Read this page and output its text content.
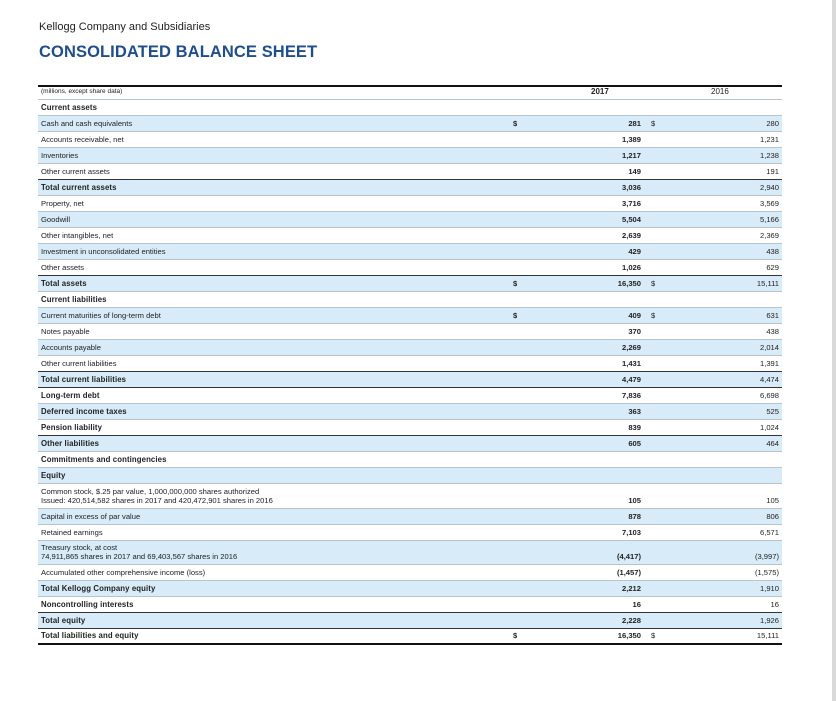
Kellogg Company and Subsidiaries
CONSOLIDATED BALANCE SHEET
(millions, except share data)	2017	2016
Current assets
Cash and cash equivalents	$	281	$	280
Accounts receivable, net	1,389	1,231
Inventories	1,217	1,238
Other current assets	149	191
Total current assets	3,036	2,940
Property, net	3,716	3,569
Goodwill	5,504	5,166
Other intangibles, net	2,639	2,369
Investment in unconsolidated entities	429	438
Other assets	1,026	629
Total assets	$	16,350	$	15,111
Current liabilities
Current maturities of long-term debt	$	409	$	631
Notes payable	370	438
Accounts payable	2,269	2,014
Other current liabilities	1,431	1,391
Total current liabilities	4,479	4,474
Long-term debt	7,836	6,698
Deferred income taxes	363	525
Pension liability	839	1,024
Other liabilities	605	464
Commitments and contingencies
Equity
Common stock, $.25 par value, 1,000,000,000 shares authorized
Issued: 420,514,582 shares in 2017 and 420,472,901 shares in 2016	105	105
Capital in excess of par value	878	806
Retained earnings	7,103	6,571
Treasury stock, at cost
74,911,865 shares in 2017 and 69,403,567 shares in 2016	(4,417)	(3,997)
Accumulated other comprehensive income (loss)	(1,457)	(1,575)
Total Kellogg Company equity	2,212	1,910
Noncontrolling interests	16	16
Total equity	2,228	1,926
Total liabilities and equity	$	16,350	$	15,111
